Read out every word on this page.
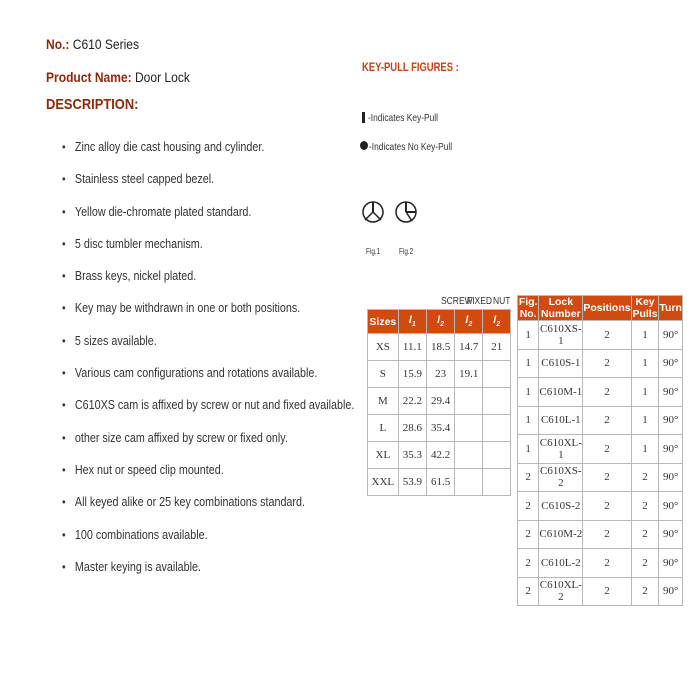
No.: C610 Series
Product Name: Door Lock
DESCRIPTION:
• Zinc alloy die cast housing and cylinder.
• Stainless steel capped bezel.
• Yellow die-chromate plated standard.
• 5 disc tumbler mechanism.
• Brass keys, nickel plated.
• Key may be withdrawn in one or both positions.
• 5 sizes available.
• Various cam configurations and rotations available.
• C610XS cam is affixed by screw or nut and fixed available.
• other size cam affixed by screw or fixed only.
• Hex nut or speed clip mounted.
• All keyed alike or 25 key combinations standard.
• 100 combinations available.
• Master keying is available.
KEY-PULL FIGURES :
-Indicates Key-Pull
-Indicates No Key-Pull
Fig.1 Fig.2
SCREW
FIXED NUT
Sizes	$l_1$	$l_2$	$l_2$	$l_2$
XS	11.1	18.5	14.7	21
S	15.9	23	19.1	
M	22.2	29.4		
L	28.6	35.4		
XL	35.3	42.2		
XXL	53.9	61.5		
Fig. No.	Lock Number	Positions	Key Pulls	Turn
1	C610XS-1	2	1	90°
1	C610S-1	2	1	90°
1	C610M-1	2	1	90°
1	C610L-1	2	1	90°
1	C610XL-1	2	1	90°
2	C610XS-2	2	2	90°
2	C610S-2	2	2	90°
2	C610M-2	2	2	90°
2	C610L-2	2	2	90°
2	C610XL-2	2	2	90°
